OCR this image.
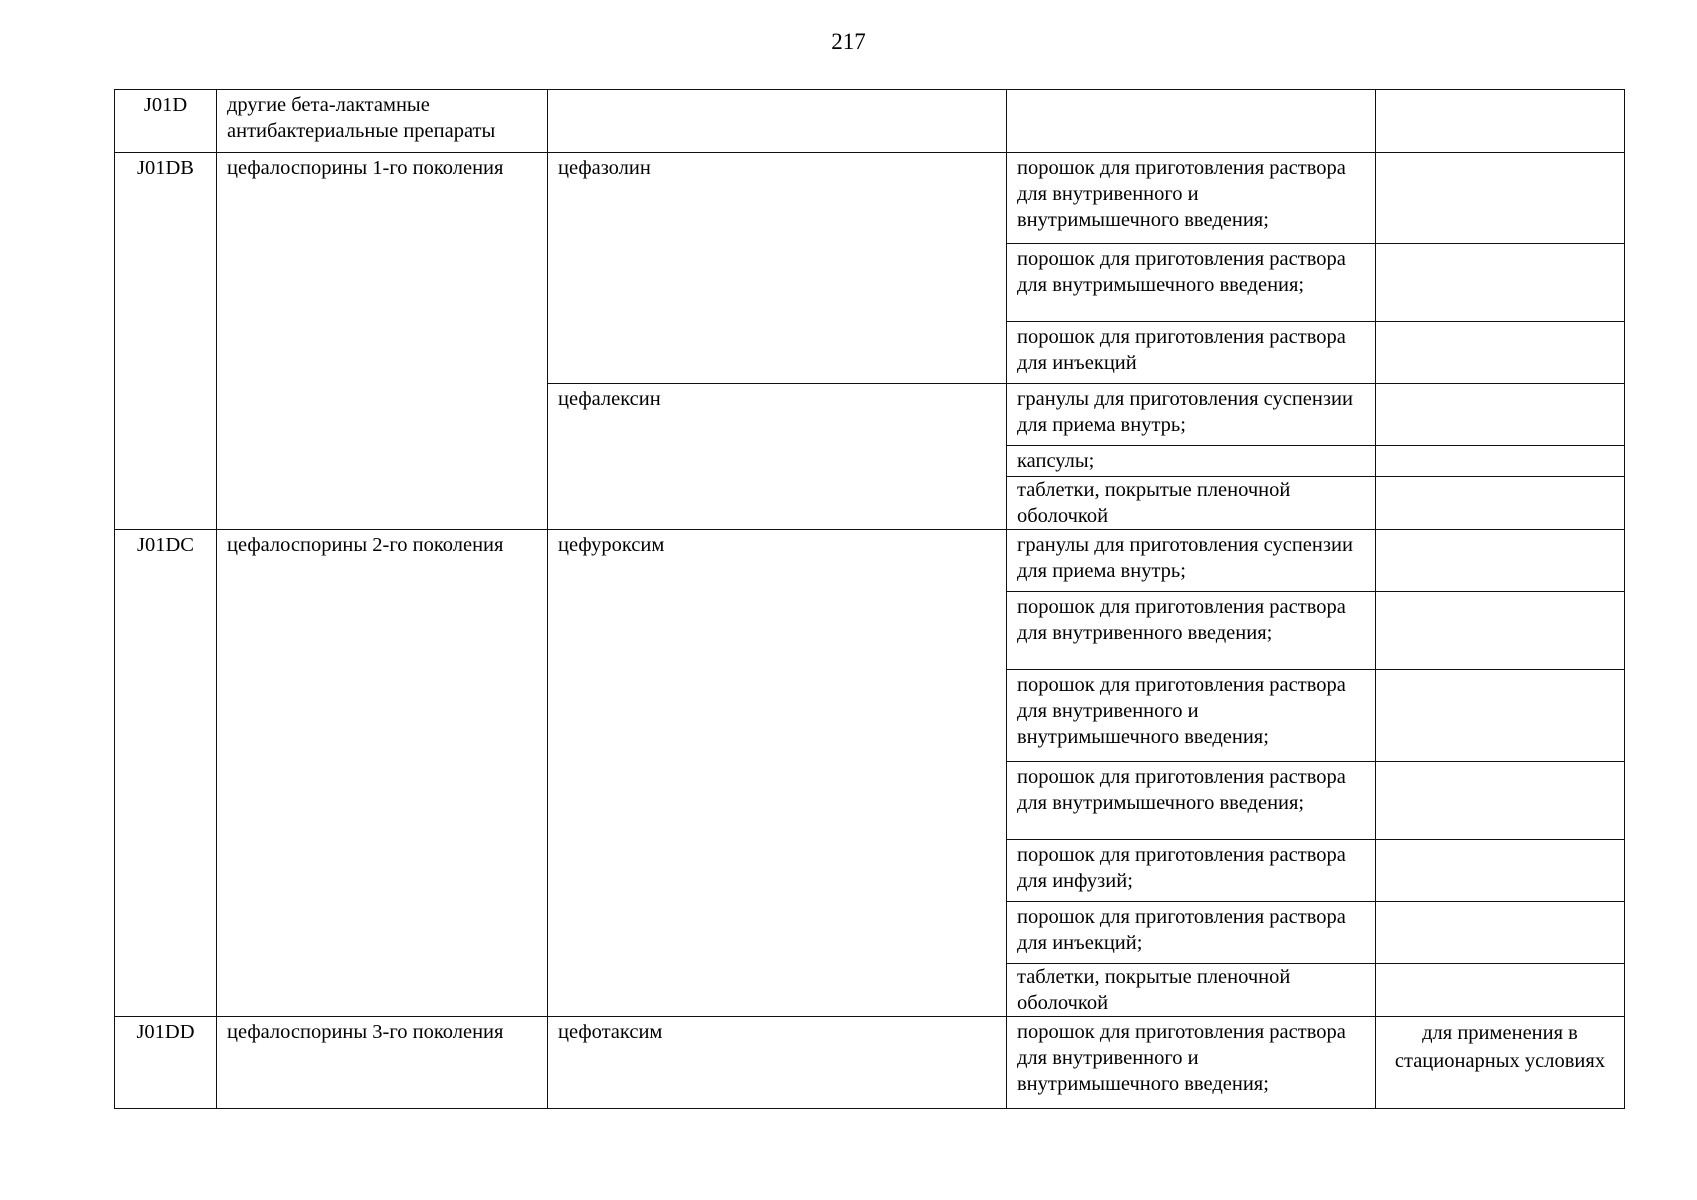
217
J01D	другие бета-лактамные антибактериальные препараты			
J01DB	цефалоспорины 1-го поколения	цефазолин	порошок для приготовления раствора для внутривенного и внутримышечного введения;	
			порошок для приготовления раствора для внутримышечного введения;	
			порошок для приготовления раствора для инъекций	
		цефалексин	гранулы для приготовления суспензии для приема внутрь;	
			капсулы;	
			таблетки, покрытые пленочной оболочкой	
J01DC	цефалоспорины 2-го поколения	цефуроксим	гранулы для приготовления суспензии для приема внутрь;	
			порошок для приготовления раствора для внутривенного введения;	
			порошок для приготовления раствора для внутривенного и внутримышечного введения;	
			порошок для приготовления раствора для внутримышечного введения;	
			порошок для приготовления раствора для инфузий;	
			порошок для приготовления раствора для инъекций;	
			таблетки, покрытые пленочной оболочкой	
J01DD	цефалоспорины 3-го поколения	цефотаксим	порошок для приготовления раствора для внутривенного и внутримышечного введения;	для применения в стационарных условиях
